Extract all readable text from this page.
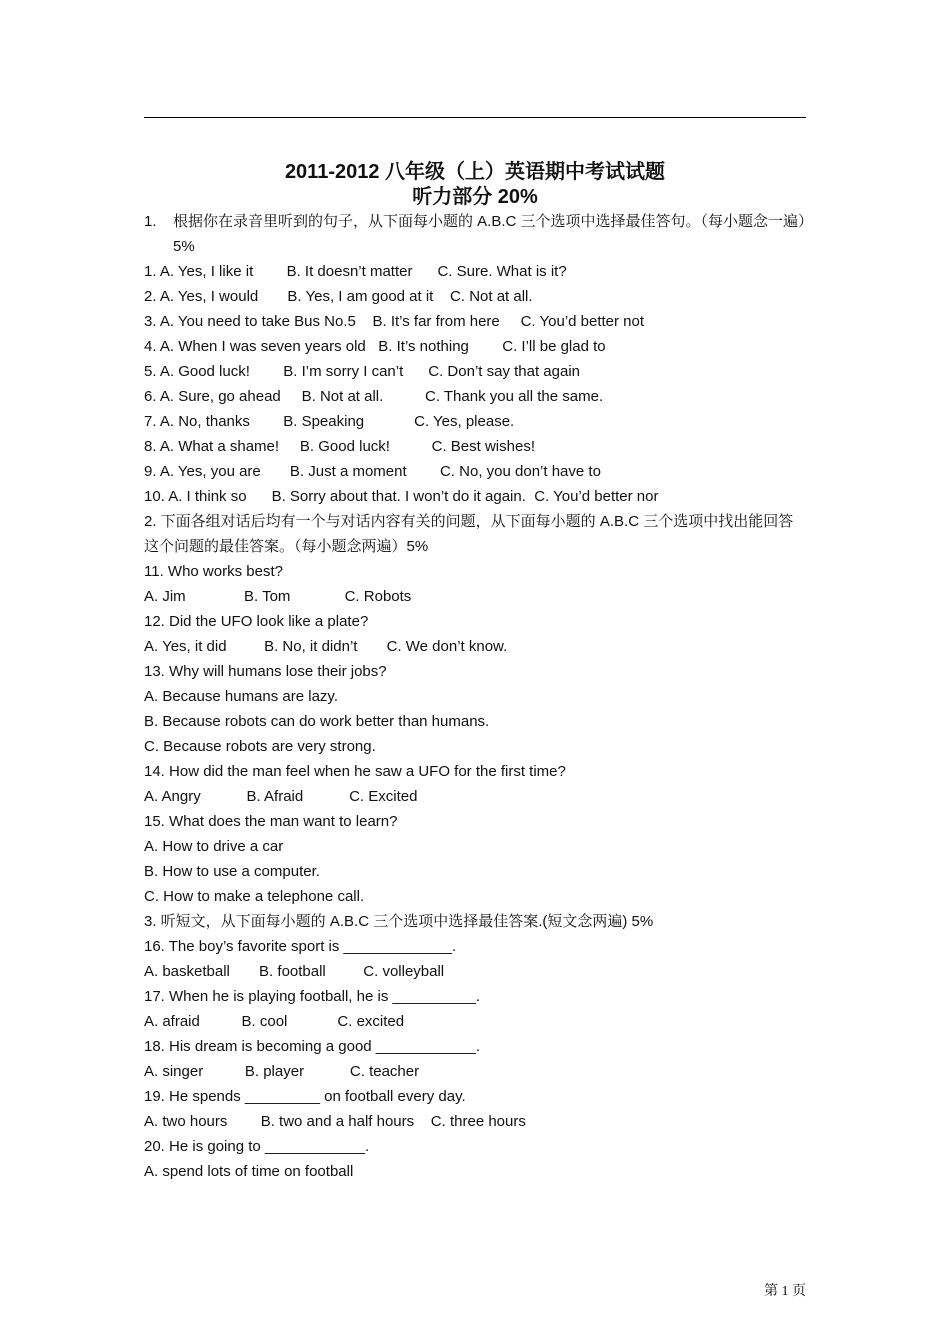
2011-2012 八年级（上）英语期中考试试题
听力部分 20%
1.	根据你在录音里听到的句子，从下面每小题的 A.B.C 三个选项中选择最佳答句。（每小题念一遍）5%
1. A. Yes, I like it        B. It doesn’t matter      C. Sure. What is it?
2. A. Yes, I would       B. Yes, I am good at it    C. Not at all.
3. A. You need to take Bus No.5    B. It’s far from here     C. You’d better not
4. A. When I was seven years old   B. It’s nothing        C. I’ll be glad to
5. A. Good luck!        B. I’m sorry I can’t      C. Don’t say that again
6. A. Sure, go ahead     B. Not at all.          C. Thank you all the same.
7. A. No, thanks        B. Speaking            C. Yes, please.
8. A. What a shame!     B. Good luck!          C. Best wishes!
9. A. Yes, you are       B. Just a moment        C. No, you don’t have to
10. A. I think so      B. Sorry about that. I won’t do it again.  C. You’d better nor
2. 下面各组对话后均有一个与对话内容有关的问题，从下面每小题的 A.B.C 三个选项中找出能回答这个问题的最佳答案。（每小题念两遍）5%
11. Who works best?
A. Jim              B. Tom             C. Robots
12. Did the UFO look like a plate?
A. Yes, it did         B. No, it didn’t       C. We don’t know.
13. Why will humans lose their jobs?
A. Because humans are lazy.
B. Because robots can do work better than humans.
C. Because robots are very strong.
14. How did the man feel when he saw a UFO for the first time?
A. Angry           B. Afraid           C. Excited
15. What does the man want to learn?
A. How to drive a car
B. How to use a computer.
C. How to make a telephone call.
3. 听短文，从下面每小题的 A.B.C 三个选项中选择最佳答案.(短文念两遍) 5%
16. The boy’s favorite sport is _____________.
A. basketball       B. football         C. volleyball
17. When he is playing football, he is __________.
A. afraid          B. cool            C. excited
18. His dream is becoming a good ____________.
A. singer          B. player           C. teacher
19. He spends _________ on football every day.
A. two hours        B. two and a half hours    C. three hours
20. He is going to ____________.
A. spend lots of time on football
第 1 页
